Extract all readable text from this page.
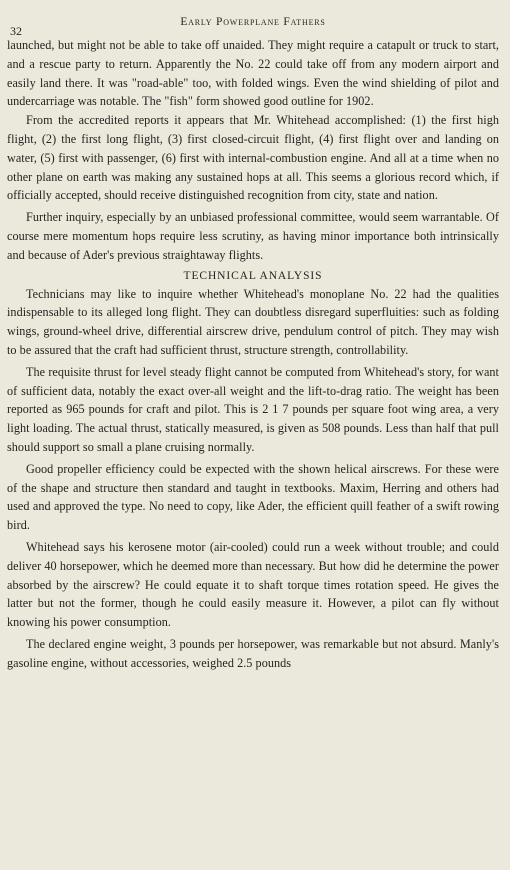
32
Early Powerplane Fathers

launched, but might not be able to take off unaided. They might require a catapult or truck to start, and a rescue party to return. Apparently the No. 22 could take off from any modern airport and easily land there. It was "road-able" too, with folded wings. Even the wind shielding of pilot and undercarriage was notable. The "fish" form showed good outline for 1902.

From the accredited reports it appears that Mr. Whitehead accomplished: (1) the first high flight, (2) the first long flight, (3) first closed-circuit flight, (4) first flight over and landing on water, (5) first with passenger, (6) first with internal-combustion engine. And all at a time when no other plane on earth was making any sustained hops at all. This seems a glorious record which, if officially accepted, should receive distinguished recognition from city, state and nation.

Further inquiry, especially by an unbiased professional committee, would seem warrantable. Of course mere momentum hops require less scrutiny, as having minor importance both intrinsically and because of Ader's previous straightaway flights.

TECHNICAL ANALYSIS

Technicians may like to inquire whether Whitehead's monoplane No. 22 had the qualities indispensable to its alleged long flight. They can doubtless disregard superfluities: such as folding wings, ground-wheel drive, differential airscrew drive, pendulum control of pitch. They may wish to be assured that the craft had sufficient thrust, structure strength, controllability.

The requisite thrust for level steady flight cannot be computed from Whitehead's story, for want of sufficient data, notably the exact over-all weight and the lift-to-drag ratio. The weight has been reported as 965 pounds for craft and pilot. This is 2 1 7 pounds per square foot wing area, a very light loading. The actual thrust, statically measured, is given as 508 pounds. Less than half that pull should support so small a plane cruising normally.

Good propeller efficiency could be expected with the shown helical airscrews. For these were of the shape and structure then standard and taught in textbooks. Maxim, Herring and others had used and approved the type. No need to copy, like Ader, the efficient quill feather of a swift rowing bird.

Whitehead says his kerosene motor (air-cooled) could run a week without trouble; and could deliver 40 horsepower, which he deemed more than necessary. But how did he determine the power absorbed by the airscrew? He could equate it to shaft torque times rotation speed. He gives the latter but not the former, though he could easily measure it. However, a pilot can fly without knowing his power consumption.

The declared engine weight, 3 pounds per horsepower, was remarkable but not absurd. Manly's gasoline engine, without accessories, weighed 2.5 pounds
